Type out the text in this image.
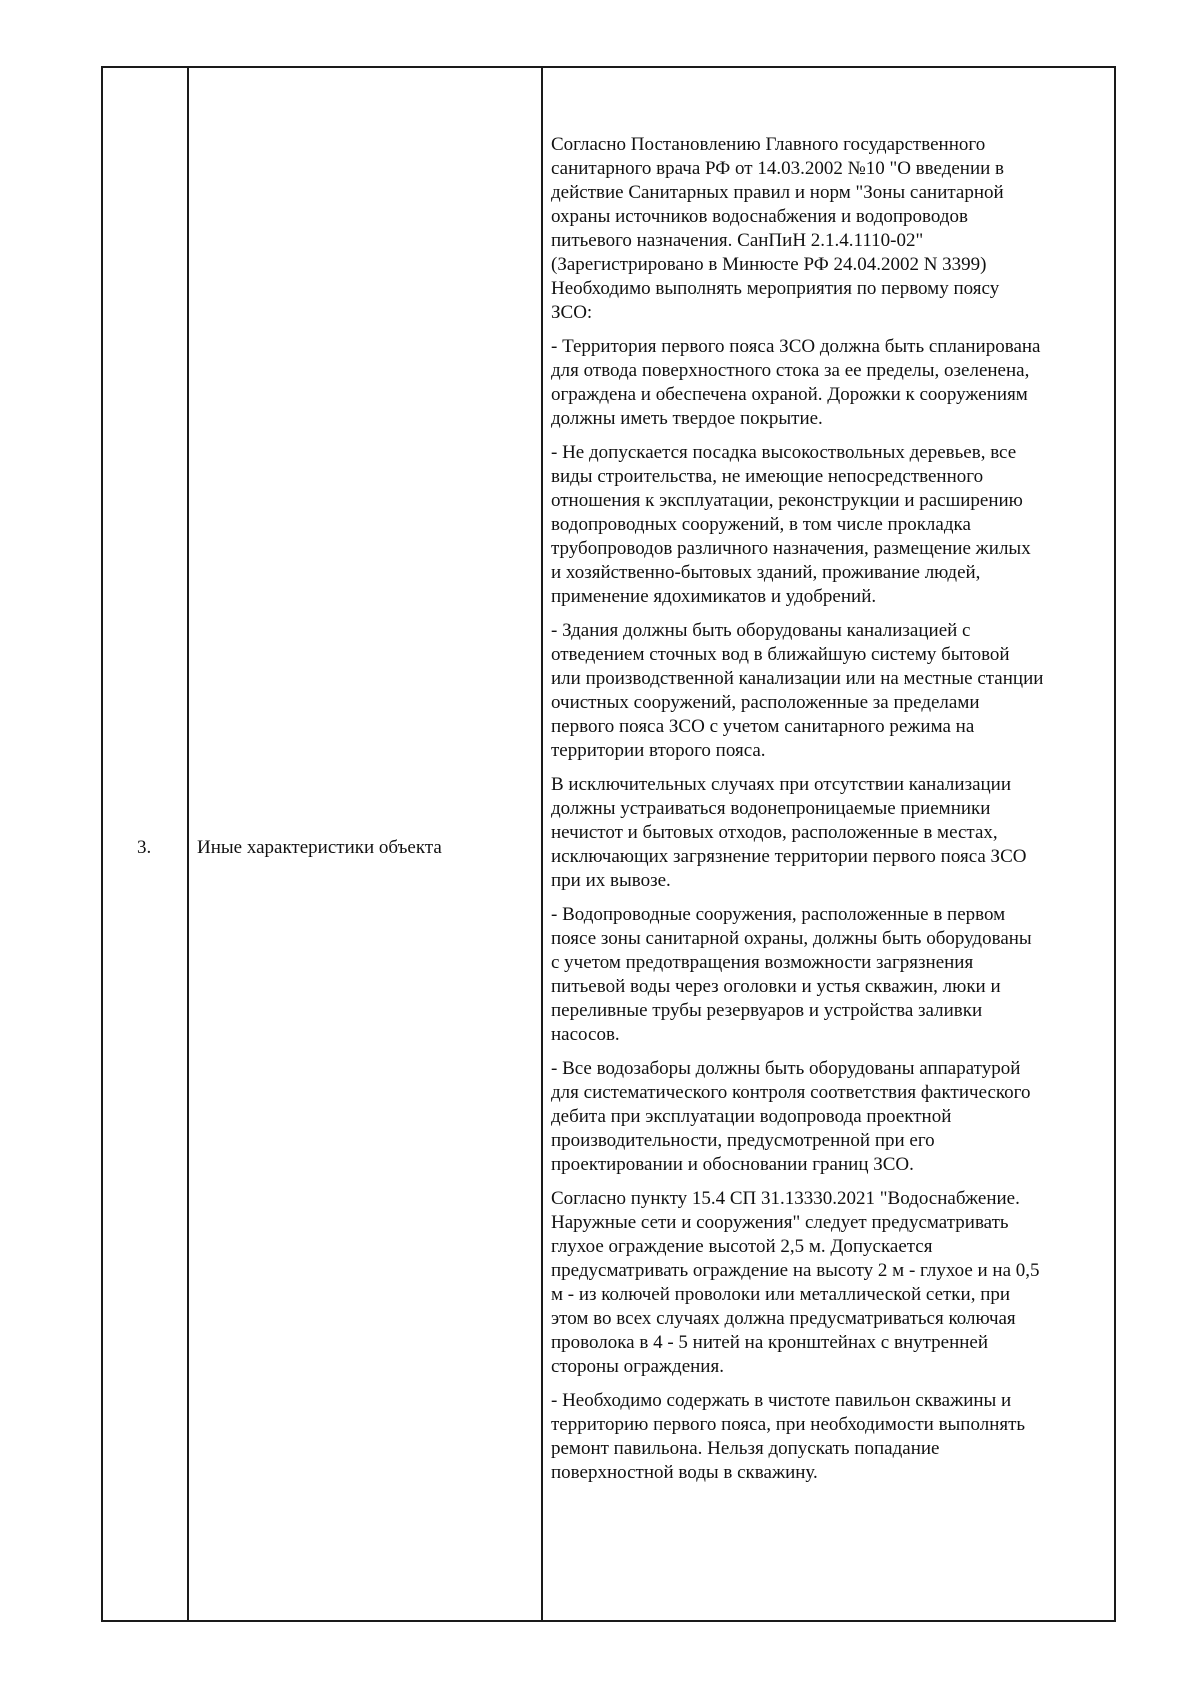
3. Иные характеристики объекта

Согласно Постановлению Главного государственного
санитарного врача РФ от 14.03.2002 №10 "О введении в
действие Санитарных правил и норм "Зоны санитарной
охраны источников водоснабжения и водопроводов
питьевого назначения. СанПиН 2.1.4.1110-02"
(Зарегистрировано в Минюсте РФ 24.04.2002 N 3399)
Необходимо выполнять мероприятия по первому поясу
ЗСО:

- Территория первого пояса ЗСО должна быть спланирована
для отвода поверхностного стока за ее пределы, озеленена,
ограждена и обеспечена охраной. Дорожки к сооружениям
должны иметь твердое покрытие.

- Не допускается посадка высокоствольных деревьев, все
виды строительства, не имеющие непосредственного
отношения к эксплуатации, реконструкции и расширению
водопроводных сооружений, в том числе прокладка
трубопроводов различного назначения, размещение жилых
и хозяйственно-бытовых зданий, проживание людей,
применение ядохимикатов и удобрений.

- Здания должны быть оборудованы канализацией с
отведением сточных вод в ближайшую систему бытовой
или производственной канализации или на местные станции
очистных сооружений, расположенные за пределами
первого пояса ЗСО с учетом санитарного режима на
территории второго пояса.

В исключительных случаях при отсутствии канализации
должны устраиваться водонепроницаемые приемники
нечистот и бытовых отходов, расположенные в местах,
исключающих загрязнение территории первого пояса ЗСО
при их вывозе.

- Водопроводные сооружения, расположенные в первом
поясе зоны санитарной охраны, должны быть оборудованы
с учетом предотвращения возможности загрязнения
питьевой воды через оголовки и устья скважин, люки и
переливные трубы резервуаров и устройства заливки
насосов.

- Все водозаборы должны быть оборудованы аппаратурой
для систематического контроля соответствия фактического
дебита при эксплуатации водопровода проектной
производительности, предусмотренной при его
проектировании и обосновании границ ЗСО.

Согласно пункту 15.4 СП 31.13330.2021 "Водоснабжение.
Наружные сети и сооружения" следует предусматривать
глухое ограждение высотой 2,5 м. Допускается
предусматривать ограждение на высоту 2 м - глухое и на 0,5
м - из колючей проволоки или металлической сетки, при
этом во всех случаях должна предусматриваться колючая
проволока в 4 - 5 нитей на кронштейнах с внутренней
стороны ограждения.

- Необходимо содержать в чистоте павильон скважины и
территорию первого пояса, при необходимости выполнять
ремонт павильона. Нельзя допускать попадание
поверхностной воды в скважину.
